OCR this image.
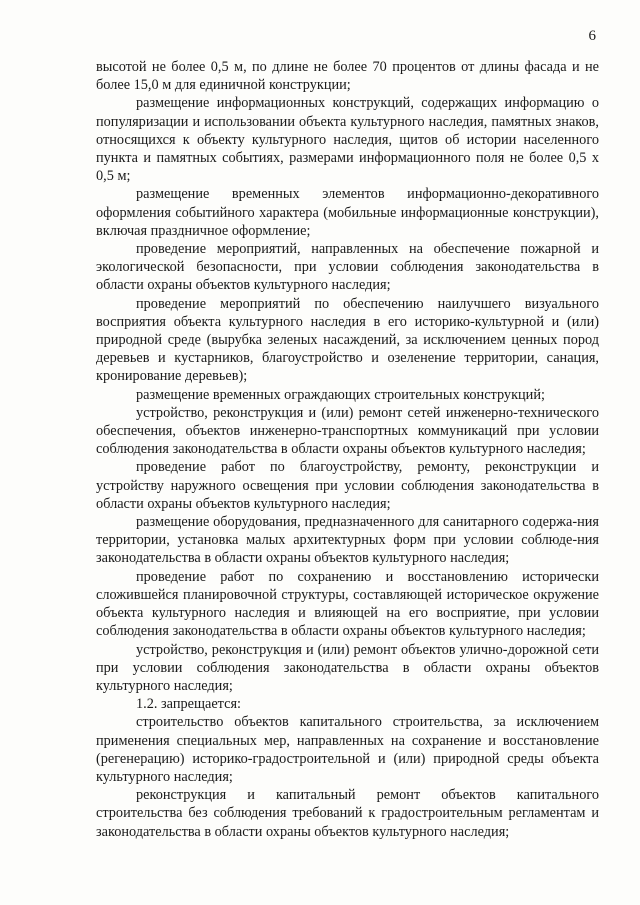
6

высотой не более 0,5 м, по длине не более 70 процентов от длины фасада и не более 15,0 м для единичной конструкции;

размещение информационных конструкций, содержащих информацию о популяризации и использовании объекта культурного наследия, памятных знаков, относящихся к объекту культурного наследия, щитов об истории населенного пункта и памятных событиях, размерами информационного поля не более 0,5 х 0,5 м;

размещение временных элементов информационно-декоративного оформления событийного характера (мобильные информационные конструкции), включая праздничное оформление;

проведение мероприятий, направленных на обеспечение пожарной и экологической безопасности, при условии соблюдения законодательства в области охраны объектов культурного наследия;

проведение мероприятий по обеспечению наилучшего визуального восприятия объекта культурного наследия в его историко-культурной и (или) природной среде (вырубка зеленых насаждений, за исключением ценных пород деревьев и кустарников, благоустройство и озеленение территории, санация, кронирование деревьев);

размещение временных ограждающих строительных конструкций;

устройство, реконструкция и (или) ремонт сетей инженерно-технического обеспечения, объектов инженерно-транспортных коммуникаций при условии соблюдения законодательства в области охраны объектов культурного наследия;

проведение работ по благоустройству, ремонту, реконструкции и устройству наружного освещения при условии соблюдения законодательства в области охраны объектов культурного наследия;

размещение оборудования, предназначенного для санитарного содержа-ния территории, установка малых архитектурных форм при условии соблюде-ния законодательства в области охраны объектов культурного наследия;

проведение работ по сохранению и восстановлению исторически сложившейся планировочной структуры, составляющей историческое окружение объекта культурного наследия и влияющей на его восприятие, при условии соблюдения законодательства в области охраны объектов культурного наследия;

устройство, реконструкция и (или) ремонт объектов улично-дорожной сети при условии соблюдения законодательства в области охраны объектов культурного наследия;

1.2. запрещается:

строительство объектов капитального строительства, за исключением применения специальных мер, направленных на сохранение и восстановление (регенерацию) историко-градостроительной и (или) природной среды объекта культурного наследия;

реконструкция и капитальный ремонт объектов капитального строительства без соблюдения требований к градостроительным регламентам и законодательства в области охраны объектов культурного наследия;
